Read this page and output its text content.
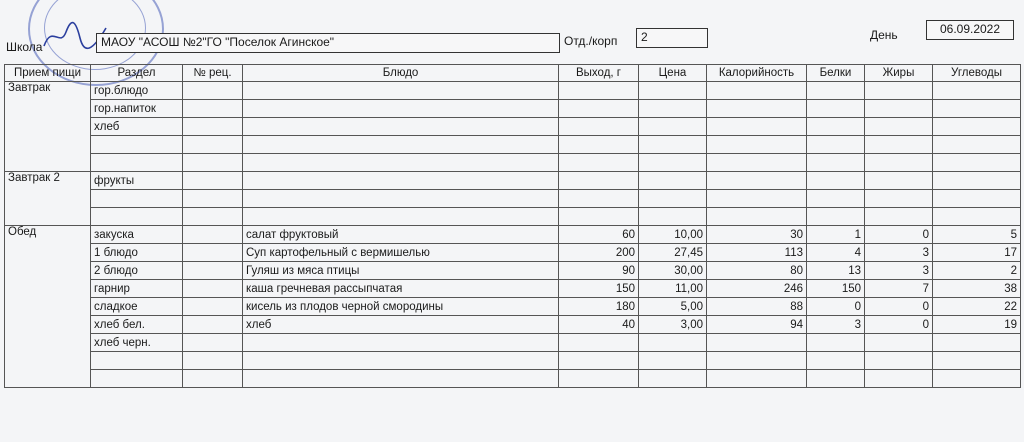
Школа	МАОУ "АСОШ №2"ГО "Поселок Агинское"	Отд./корп	2	День	06.09.2022
Прием пищи	Раздел	№ рец.	Блюдо	Выход, г	Цена	Калорийность	Белки	Жиры	Углеводы
Завтрак	гор.блюдо								
	гор.напиток								
	хлеб								

Завтрак 2	фрукты								

Обед	закуска		салат фруктовый	60	10,00	30	1	0	5
	1 блюдо		Суп картофельный с вермишелью	200	27,45	113	4	3	17
	2 блюдо		Гуляш из мяса птицы	90	30,00	80	13	3	2
	гарнир		каша гречневая рассыпчатая	150	11,00	246	150	7	38
	сладкое		кисель из плодов черной смородины	180	5,00	88	0	0	22
	хлеб бел.		хлеб	40	3,00	94	3	0	19
	хлеб черн.								
